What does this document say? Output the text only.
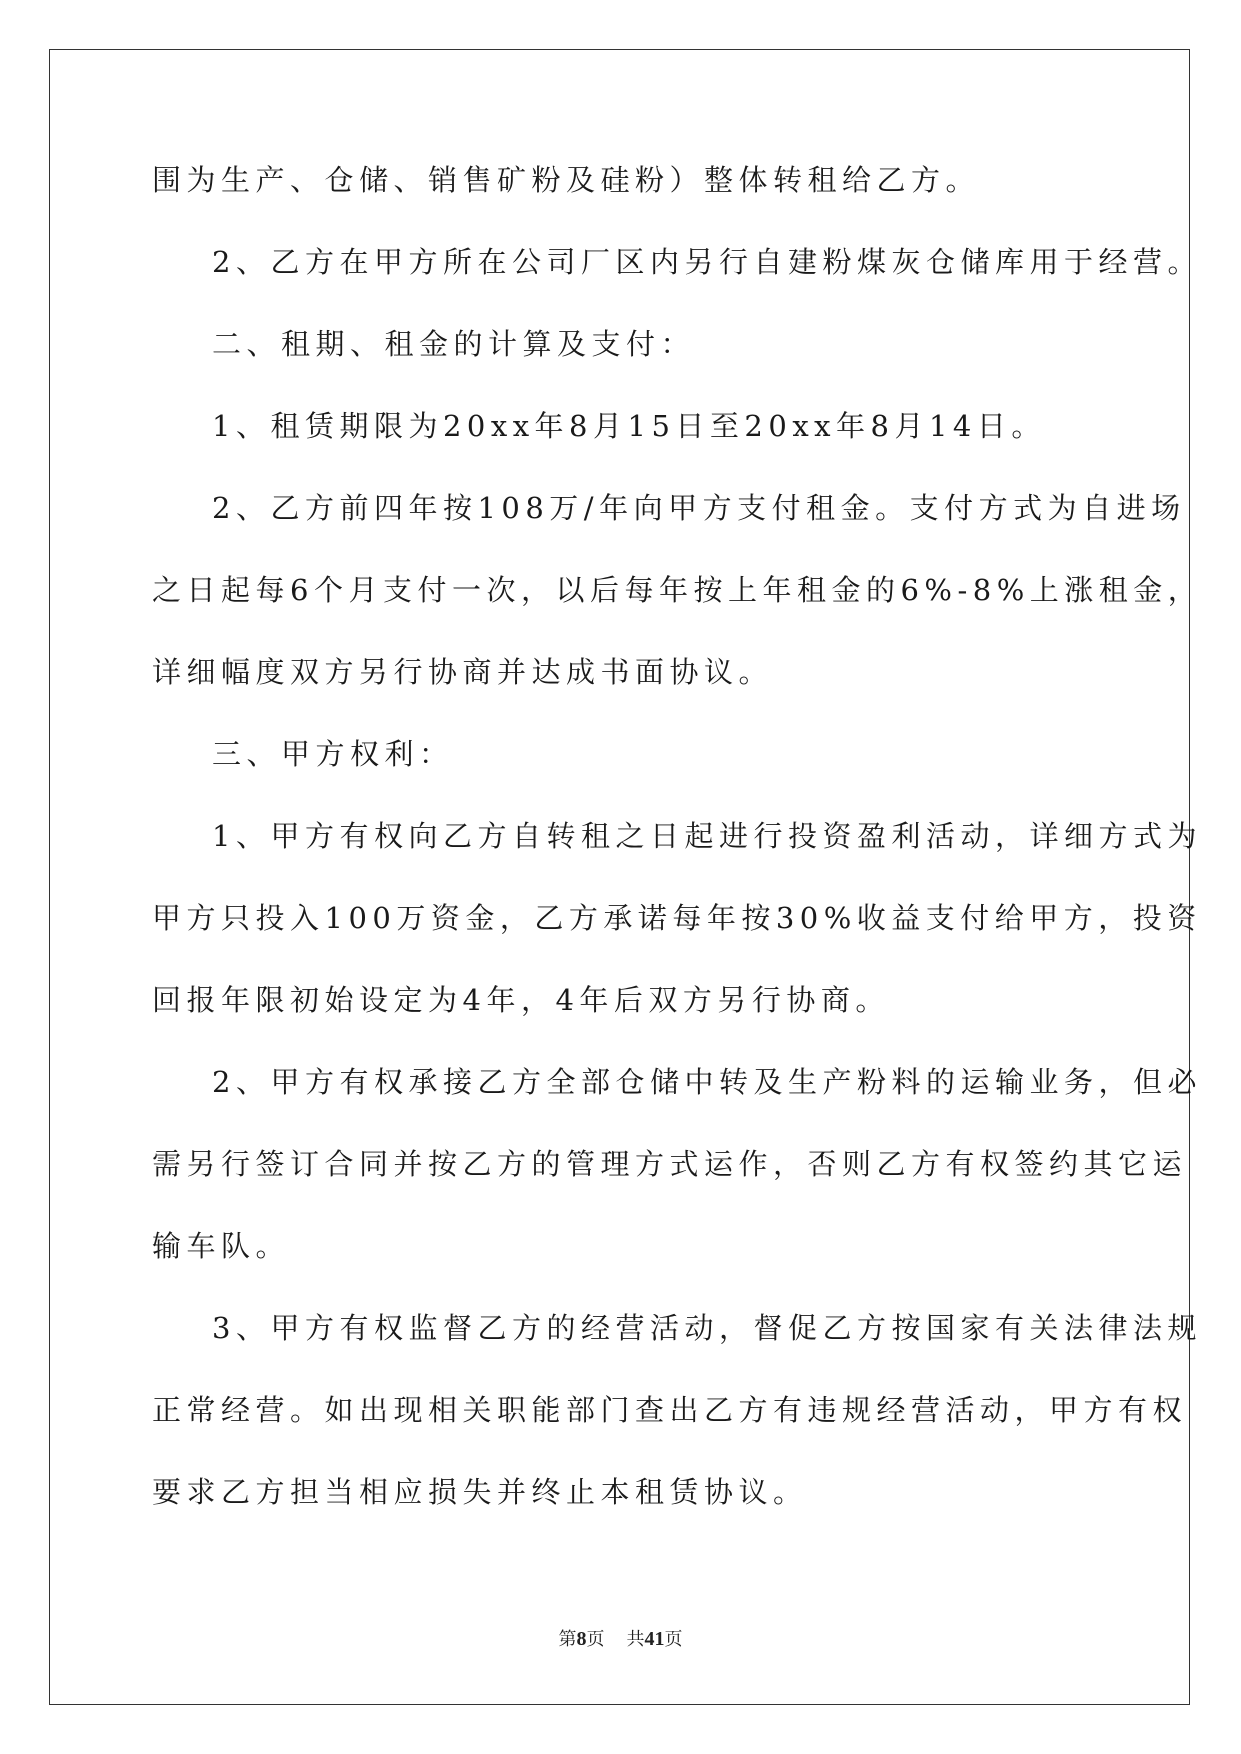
围为生产、仓储、销售矿粉及硅粉）整体转租给乙方。
2、乙方在甲方所在公司厂区内另行自建粉煤灰仓储库用于经营。
二、租期、租金的计算及支付：
1、租赁期限为20xx年8月15日至20xx年8月14日。
2、乙方前四年按108万/年向甲方支付租金。支付方式为自进场
之日起每6个月支付一次，以后每年按上年租金的6%-8%上涨租金，
详细幅度双方另行协商并达成书面协议。
三、甲方权利：
1、甲方有权向乙方自转租之日起进行投资盈利活动，详细方式为
甲方只投入100万资金，乙方承诺每年按30%收益支付给甲方，投资
回报年限初始设定为4年，4年后双方另行协商。
2、甲方有权承接乙方全部仓储中转及生产粉料的运输业务，但必
需另行签订合同并按乙方的管理方式运作，否则乙方有权签约其它运
输车队。
3、甲方有权监督乙方的经营活动，督促乙方按国家有关法律法规
正常经营。如出现相关职能部门查出乙方有违规经营活动，甲方有权
要求乙方担当相应损失并终止本租赁协议。
第8页 共41页
